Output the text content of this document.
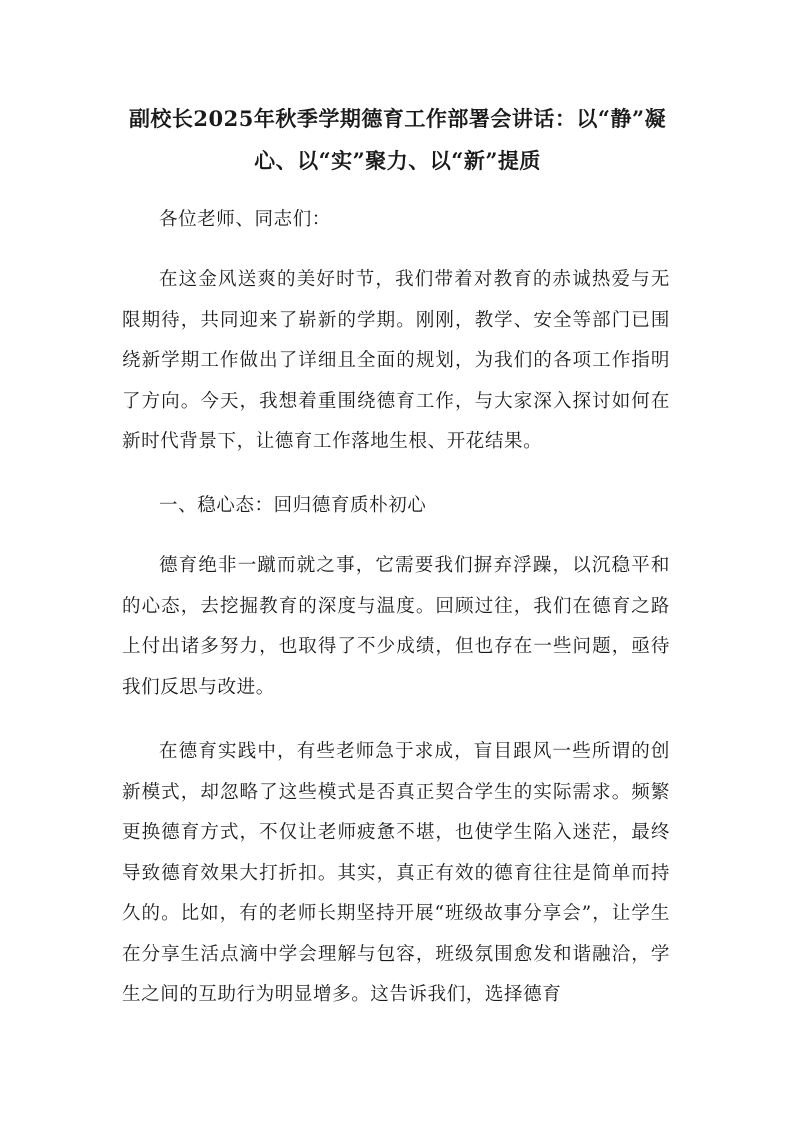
副校长2025年秋季学期德育工作部署会讲话：以“静”凝心、以“实”聚力、以“新”提质
各位老师、同志们：
在这金风送爽的美好时节，我们带着对教育的赤诚热爱与无限期待，共同迎来了崭新的学期。刚刚，教学、安全等部门已围绕新学期工作做出了详细且全面的规划，为我们的各项工作指明了方向。今天，我想着重围绕德育工作，与大家深入探讨如何在新时代背景下，让德育工作落地生根、开花结果。
一、稳心态：回归德育质朴初心
德育绝非一蹴而就之事，它需要我们摒弃浮躁，以沉稳平和的心态，去挖掘教育的深度与温度。回顾过往，我们在德育之路上付出诸多努力，也取得了不少成绩，但也存在一些问题，亟待我们反思与改进。
在德育实践中，有些老师急于求成，盲目跟风一些所谓的创新模式，却忽略了这些模式是否真正契合学生的实际需求。频繁更换德育方式，不仅让老师疲惫不堪，也使学生陷入迷茫，最终导致德育效果大打折扣。其实，真正有效的德育往往是简单而持久的。比如，有的老师长期坚持开展“班级故事分享会”，让学生在分享生活点滴中学会理解与包容，班级氛围愈发和谐融洽，学生之间的互助行为明显增多。这告诉我们，选择德育
